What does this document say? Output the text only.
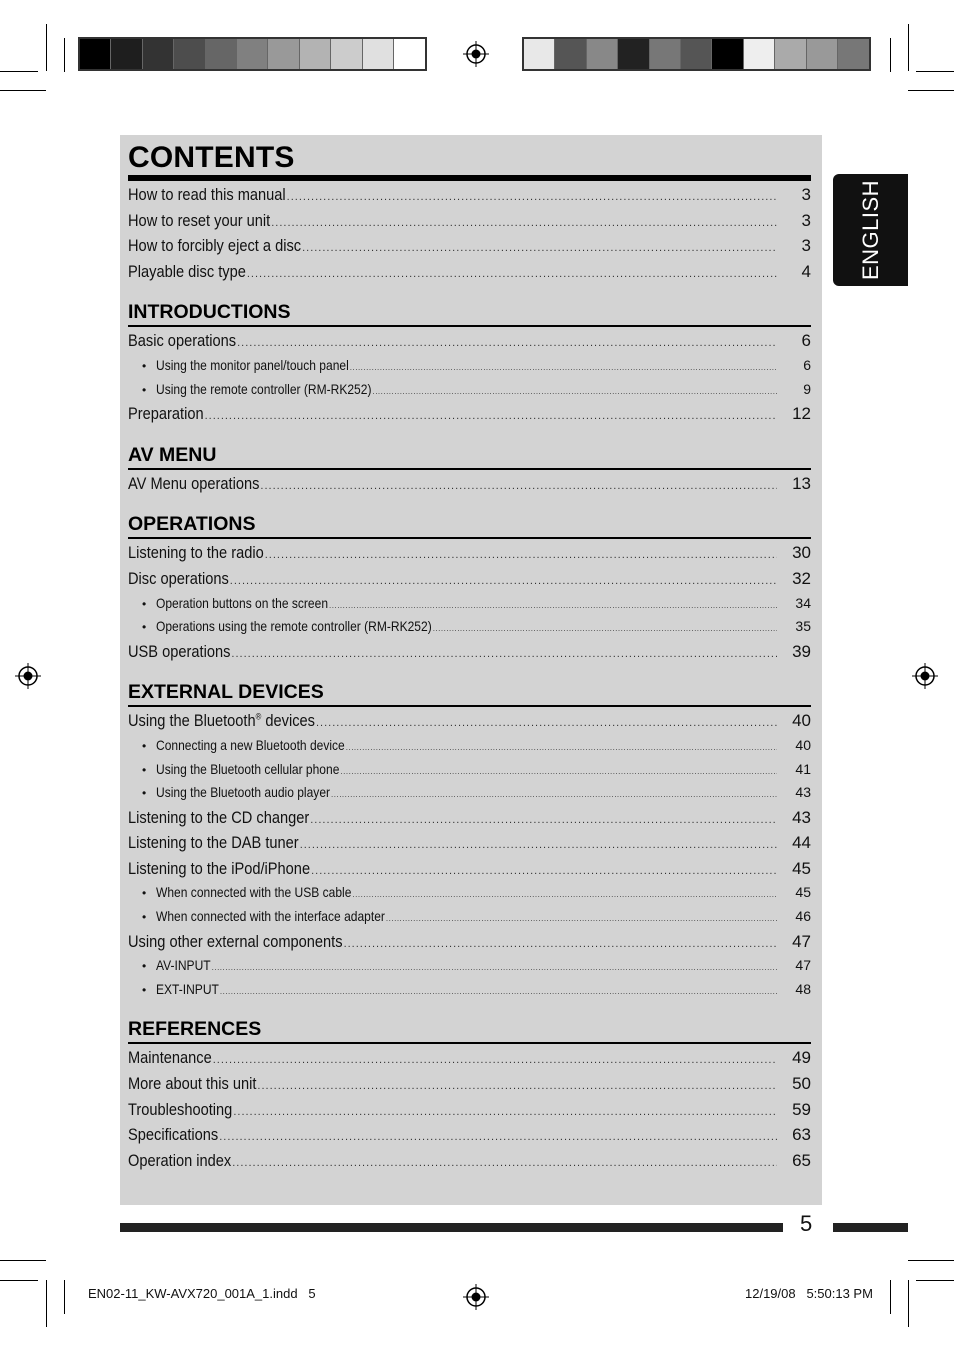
ENGLISH
CONTENTS
How to read this manual .....	3
How to reset your unit .....	3
How to forcibly eject a disc .....	3
Playable disc type .....	4
INTRODUCTIONS
Basic operations .....	6
• Using the monitor panel/touch panel .....	6
• Using the remote controller (RM-RK252) .....	9
Preparation .....	12
AV MENU
AV Menu operations .....	13
OPERATIONS
Listening to the radio .....	30
Disc operations .....	32
• Operation buttons on the screen .....	34
• Operations using the remote controller (RM-RK252) .....	35
USB operations .....	39
EXTERNAL DEVICES
Using the Bluetooth® devices .....	40
• Connecting a new Bluetooth device .....	40
• Using the Bluetooth cellular phone .....	41
• Using the Bluetooth audio player .....	43
Listening to the CD changer .....	43
Listening to the DAB tuner .....	44
Listening to the iPod/iPhone .....	45
• When connected with the USB cable .....	45
• When connected with the interface adapter .....	46
Using other external components .....	47
• AV-INPUT .....	47
• EXT-INPUT .....	48
REFERENCES
Maintenance .....	49
More about this unit .....	50
Troubleshooting .....	59
Specifications .....	63
Operation index .....	65
5
EN02-11_KW-AVX720_001A_1.indd   5	12/19/08   5:50:13 PM
